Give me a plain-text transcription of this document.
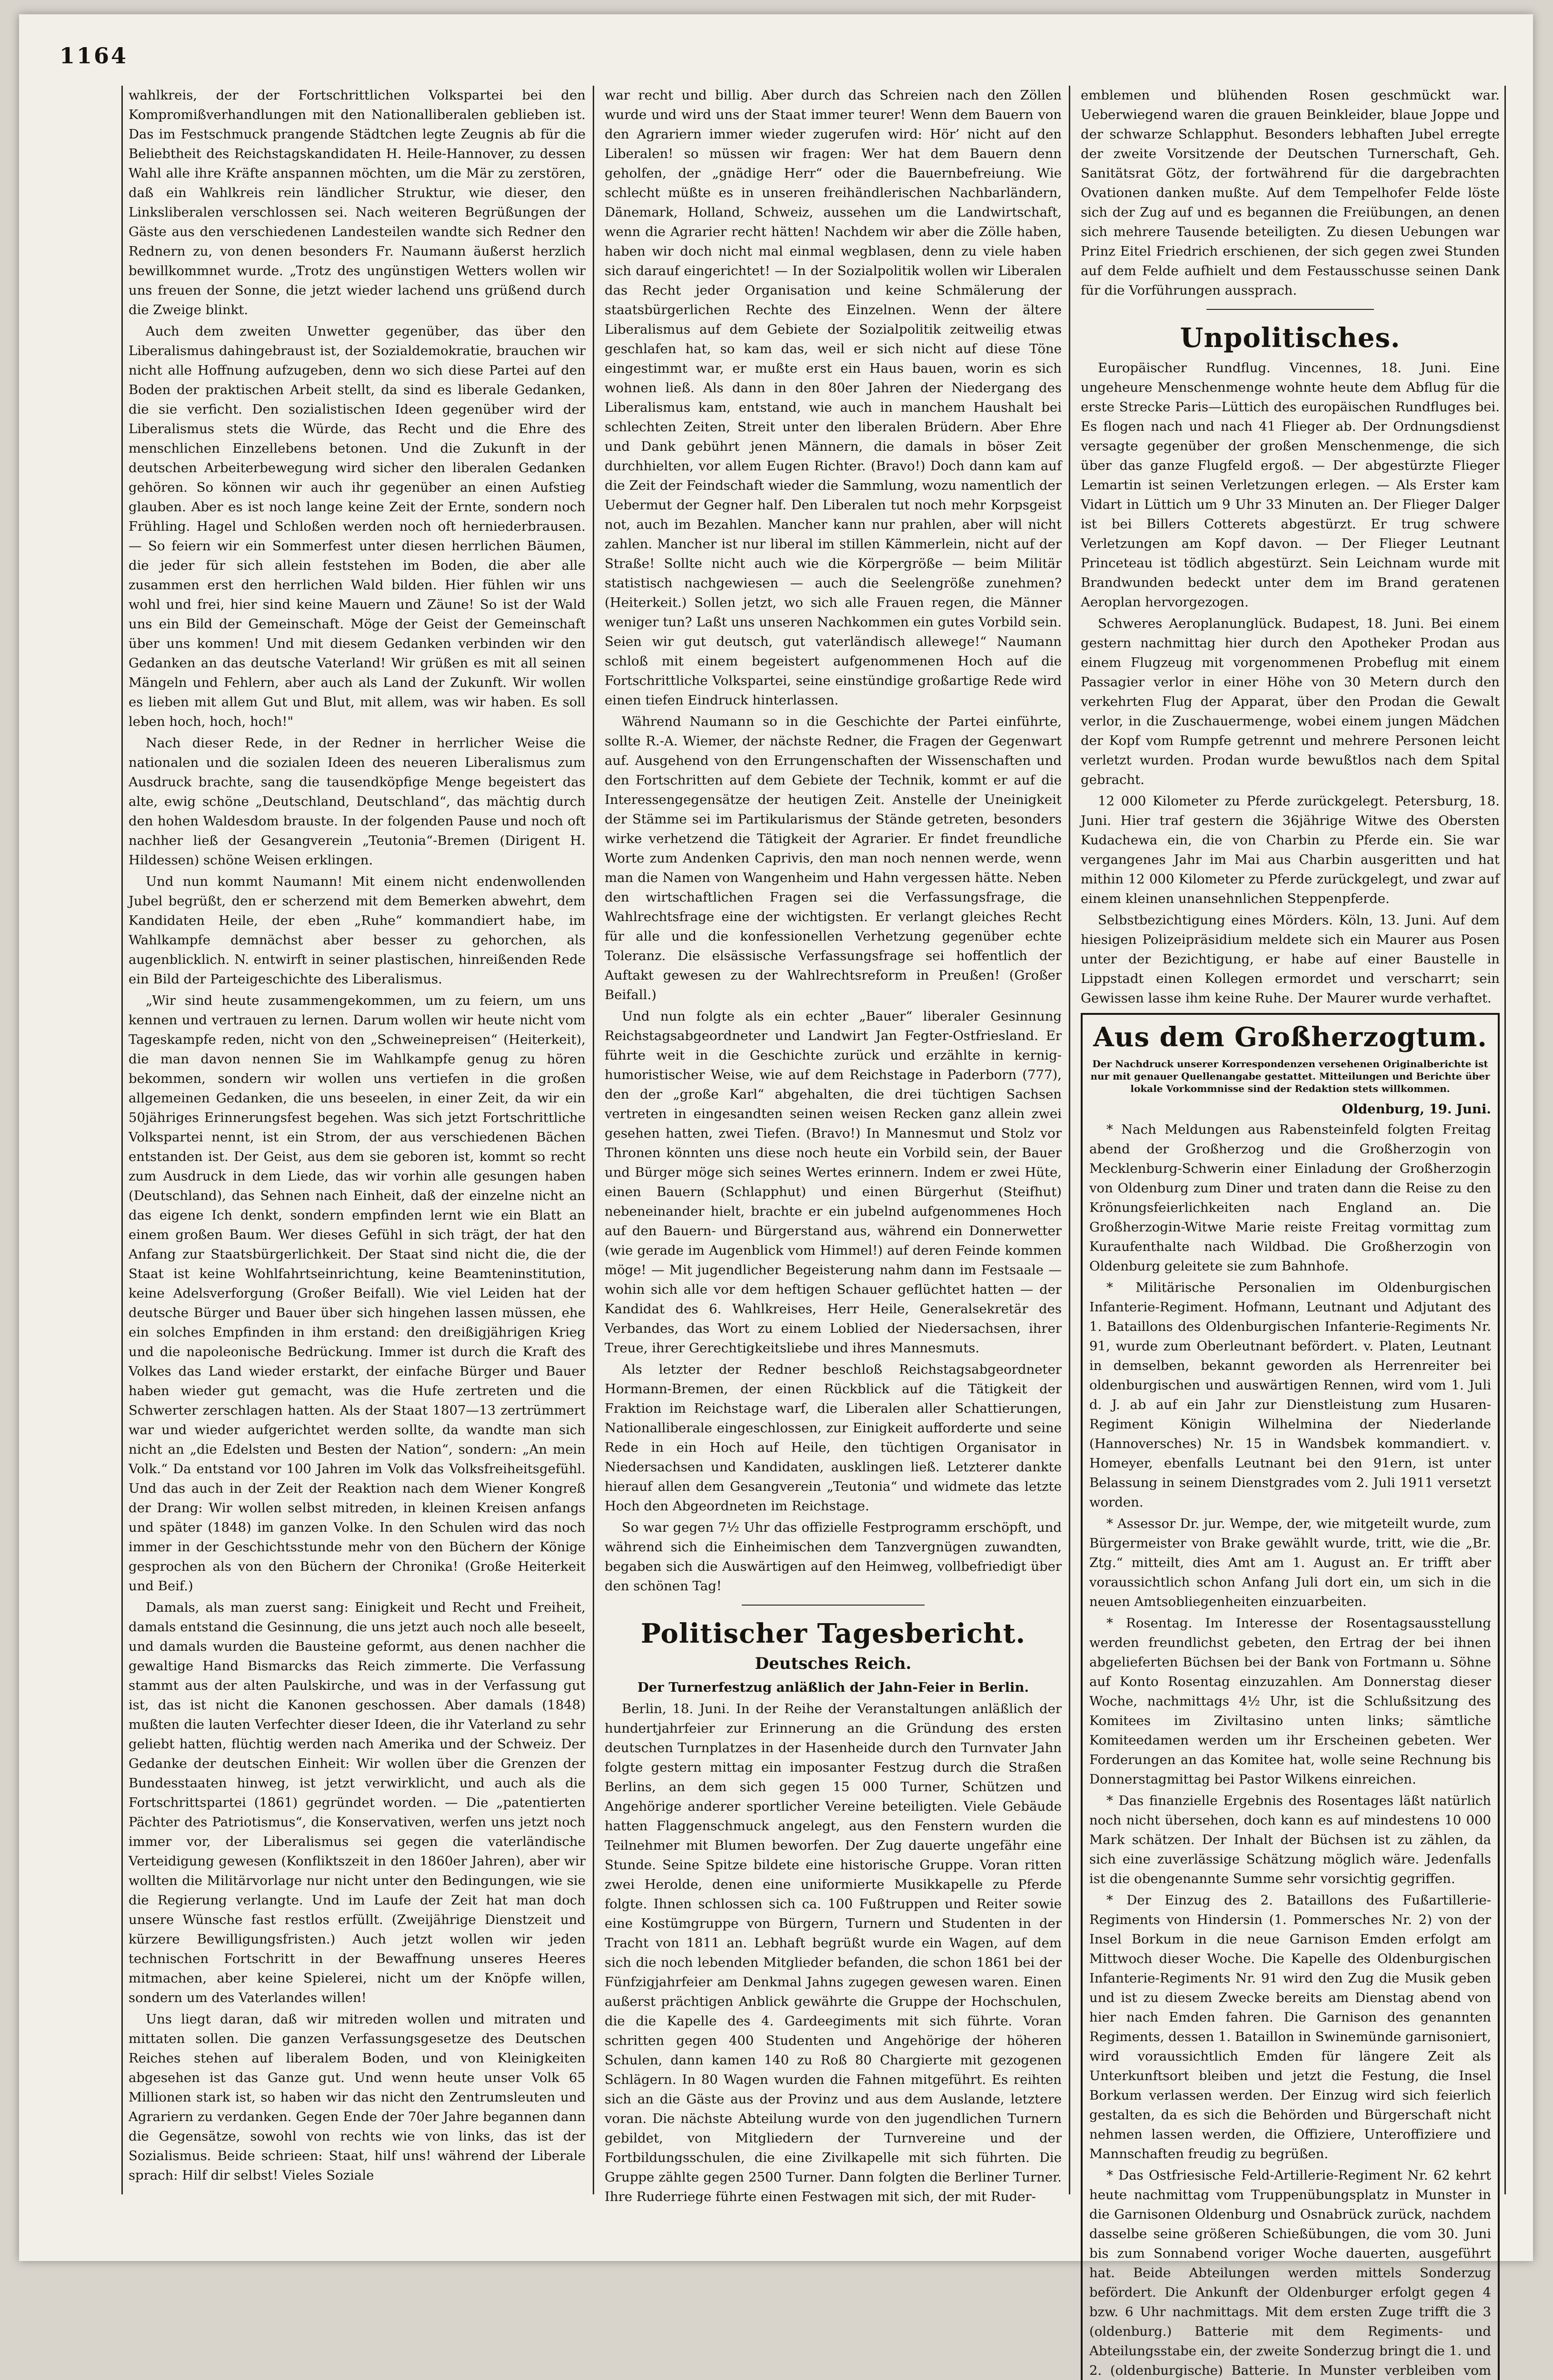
1164

wahlkreis, der der Fortschrittlichen Volkspartei bei den Kompromißverhandlungen mit den Nationalliberalen geblieben ist. Das im Festschmuck prangende Städtchen legte Zeugnis ab für die Beliebtheit des Reichstagskandidaten H. Heile-Hannover, zu dessen Wahl alle ihre Kräfte anspannen möchten, um die Mär zu zerstören, daß ein Wahlkreis rein ländlicher Struktur, wie dieser, den Linksliberalen verschlossen sei. Nach weiteren Begrüßungen der Gäste aus den verschiedenen Landesteilen wandte sich Redner den Rednern zu, von denen besonders Fr. Naumann äußerst herzlich bewillkommnet wurde. „Trotz des ungünstigen Wetters wollen wir uns freuen der Sonne, die jetzt wieder lachend uns grüßend durch die Zweige blinkt.

Auch dem zweiten Unwetter gegenüber, das über den Liberalismus dahingebraust ist, der Sozialdemokratie, brauchen wir nicht alle Hoffnung aufzugeben, denn wo sich diese Partei auf den Boden der praktischen Arbeit stellt, da sind es liberale Gedanken, die sie verficht. Den sozialistischen Ideen gegenüber wird der Liberalismus stets die Würde, das Recht und die Ehre des menschlichen Einzellebens betonen. Und die Zukunft in der deutschen Arbeiterbewegung wird sicher den liberalen Gedanken gehören. So können wir auch ihr gegenüber an einen Aufstieg glauben. Aber es ist noch lange keine Zeit der Ernte, sondern noch Frühling. Hagel und Schloßen werden noch oft herniederbrausen. — So feiern wir ein Sommerfest unter diesen herrlichen Bäumen, die jeder für sich allein feststehen im Boden, die aber alle zusammen erst den herrlichen Wald bilden. Hier fühlen wir uns wohl und frei, hier sind keine Mauern und Zäune! So ist der Wald uns ein Bild der Gemeinschaft. Möge der Geist der Gemeinschaft über uns kommen! Und mit diesem Gedanken verbinden wir den Gedanken an das deutsche Vaterland! Wir grüßen es mit all seinen Mängeln und Fehlern, aber auch als Land der Zukunft. Wir wollen es lieben mit allem Gut und Blut, mit allem, was wir haben. Es soll leben hoch, hoch, hoch!"

Nach dieser Rede, in der Redner in herrlicher Weise die nationalen und die sozialen Ideen des neueren Liberalismus zum Ausdruck brachte, sang die tausendköpfige Menge begeistert das alte, ewig schöne „Deutschland, Deutschland“, das mächtig durch den hohen Waldesdom brauste. In der folgenden Pause und noch oft nachher ließ der Gesangverein „Teutonia“-Bremen (Dirigent H. Hildessen) schöne Weisen erklingen.

Und nun kommt Naumann! Mit einem nicht endenwollenden Jubel begrüßt, den er scherzend mit dem Bemerken abwehrt, dem Kandidaten Heile, der eben „Ruhe“ kommandiert habe, im Wahlkampfe demnächst aber besser zu gehorchen, als augenblicklich. N. entwirft in seiner plastischen, hinreißenden Rede ein Bild der Parteigeschichte des Liberalismus.

„Wir sind heute zusammengekommen, um zu feiern, um uns kennen und vertrauen zu lernen. Darum wollen wir heute nicht vom Tageskampfe reden, nicht von den „Schweinepreisen“ (Heiterkeit), die man davon nennen Sie im Wahlkampfe genug zu hören bekommen, sondern wir wollen uns vertiefen in die großen allgemeinen Gedanken, die uns beseelen, in einer Zeit, da wir ein 50jähriges Erinnerungsfest begehen. Was sich jetzt Fortschrittliche Volkspartei nennt, ist ein Strom, der aus verschiedenen Bächen entstanden ist. Der Geist, aus dem sie geboren ist, kommt so recht zum Ausdruck in dem Liede, das wir vorhin alle gesungen haben (Deutschland), das Sehnen nach Einheit, daß der einzelne nicht an das eigene Ich denkt, sondern empfinden lernt wie ein Blatt an einem großen Baum. Wer dieses Gefühl in sich trägt, der hat den Anfang zur Staatsbürgerlichkeit. Der Staat sind nicht die, die der Staat ist keine Wohlfahrtseinrichtung, keine Beamteninstitution, keine Adelsverforgung (Großer Beifall). Wie viel Leiden hat der deutsche Bürger und Bauer über sich hingehen lassen müssen, ehe ein solches Empfinden in ihm erstand: den dreißigjährigen Krieg und die napoleonische Bedrückung. Immer ist durch die Kraft des Volkes das Land wieder erstarkt, der einfache Bürger und Bauer haben wieder gut gemacht, was die Hufe zertreten und die Schwerter zerschlagen hatten. Als der Staat 1807—13 zertrümmert war und wieder aufgerichtet werden sollte, da wandte man sich nicht an „die Edelsten und Besten der Nation“, sondern: „An mein Volk.“ Da entstand vor 100 Jahren im Volk das Volksfreiheitsgefühl. Und das auch in der Zeit der Reaktion nach dem Wiener Kongreß der Drang: Wir wollen selbst mitreden, in kleinen Kreisen anfangs und später (1848) im ganzen Volke. In den Schulen wird das noch immer in der Geschichtsstunde mehr von den Büchern der Könige gesprochen als von den Büchern der Chronika! (Große Heiterkeit und Beif.)

Damals, als man zuerst sang: Einigkeit und Recht und Freiheit, damals entstand die Gesinnung, die uns jetzt auch noch alle beseelt, und damals wurden die Bausteine geformt, aus denen nachher die gewaltige Hand Bismarcks das Reich zimmerte. Die Verfassung stammt aus der alten Paulskirche, und was in der Verfassung gut ist, das ist nicht die Kanonen geschossen. Aber damals (1848) mußten die lauten Verfechter dieser Ideen, die ihr Vaterland zu sehr geliebt hatten, flüchtig werden nach Amerika und der Schweiz. Der Gedanke der deutschen Einheit: Wir wollen über die Grenzen der Bundesstaaten hinweg, ist jetzt verwirklicht, und auch als die Fortschrittspartei (1861) gegründet worden. — Die „patentierten Pächter des Patriotismus“, die Konservativen, werfen uns jetzt noch immer vor, der Liberalismus sei gegen die vaterländische Verteidigung gewesen (Konfliktszeit in den 1860er Jahren), aber wir wollten die Militärvorlage nur nicht unter den Bedingungen, wie sie die Regierung verlangte. Und im Laufe der Zeit hat man doch unsere Wünsche fast restlos erfüllt. (Zweijährige Dienstzeit und kürzere Bewilligungsfristen.) Auch jetzt wollen wir jeden technischen Fortschritt in der Bewaffnung unseres Heeres mitmachen, aber keine Spielerei, nicht um der Knöpfe willen, sondern um des Vaterlandes willen!

Uns liegt daran, daß wir mitreden wollen und mitraten und mittaten sollen. Die ganzen Verfassungsgesetze des Deutschen Reiches stehen auf liberalem Boden, und von Kleinigkeiten abgesehen ist das Ganze gut. Und wenn heute unser Volk 65 Millionen stark ist, so haben wir das nicht den Zentrumsleuten und Agrariern zu verdanken. Gegen Ende der 70er Jahre begannen dann die Gegensätze, sowohl von rechts wie von links, das ist der Sozialismus. Beide schrieen: Staat, hilf uns! während der Liberale sprach: Hilf dir selbst! Vieles Soziale

war recht und billig. Aber durch das Schreien nach den Zöllen wurde und wird uns der Staat immer teurer! Wenn dem Bauern von den Agrariern immer wieder zugerufen wird: Hör’ nicht auf den Liberalen! so müssen wir fragen: Wer hat dem Bauern denn geholfen, der „gnädige Herr“ oder die Bauernbefreiung. Wie schlecht müßte es in unseren freihändlerischen Nachbarländern, Dänemark, Holland, Schweiz, aussehen um die Landwirtschaft, wenn die Agrarier recht hätten! Nachdem wir aber die Zölle haben, haben wir doch nicht mal einmal wegblasen, denn zu viele haben sich darauf eingerichtet! — In der Sozialpolitik wollen wir Liberalen das Recht jeder Organisation und keine Schmälerung der staatsbürgerlichen Rechte des Einzelnen. Wenn der ältere Liberalismus auf dem Gebiete der Sozialpolitik zeitweilig etwas geschlafen hat, so kam das, weil er sich nicht auf diese Töne eingestimmt war, er mußte erst ein Haus bauen, worin es sich wohnen ließ. Als dann in den 80er Jahren der Niedergang des Liberalismus kam, entstand, wie auch in manchem Haushalt bei schlechten Zeiten, Streit unter den liberalen Brüdern. Aber Ehre und Dank gebührt jenen Männern, die damals in böser Zeit durchhielten, vor allem Eugen Richter. (Bravo!) Doch dann kam auf die Zeit der Feindschaft wieder die Sammlung, wozu namentlich der Uebermut der Gegner half. Den Liberalen tut noch mehr Korpsgeist not, auch im Bezahlen. Mancher kann nur prahlen, aber will nicht zahlen. Mancher ist nur liberal im stillen Kämmerlein, nicht auf der Straße! Sollte nicht auch wie die Körpergröße — beim Militär statistisch nachgewiesen — auch die Seelengröße zunehmen? (Heiterkeit.) Sollen jetzt, wo sich alle Frauen regen, die Männer weniger tun? Laßt uns unseren Nachkommen ein gutes Vorbild sein. Seien wir gut deutsch, gut vaterländisch allewege!“ Naumann schloß mit einem begeistert aufgenommenen Hoch auf die Fortschrittliche Volkspartei, seine einstündige großartige Rede wird einen tiefen Eindruck hinterlassen.

Während Naumann so in die Geschichte der Partei einführte, sollte R.-A. Wiemer, der nächste Redner, die Fragen der Gegenwart auf. Ausgehend von den Errungenschaften der Wissenschaften und den Fortschritten auf dem Gebiete der Technik, kommt er auf die Interessengegensätze der heutigen Zeit. Anstelle der Uneinigkeit der Stämme sei im Partikularismus der Stände getreten, besonders wirke verhetzend die Tätigkeit der Agrarier. Er findet freundliche Worte zum Andenken Caprivis, den man noch nennen werde, wenn man die Namen von Wangenheim und Hahn vergessen hätte. Neben den wirtschaftlichen Fragen sei die Verfassungsfrage, die Wahlrechtsfrage eine der wichtigsten. Er verlangt gleiches Recht für alle und die konfessionellen Verhetzung gegenüber echte Toleranz. Die elsässische Verfassungsfrage sei hoffentlich der Auftakt gewesen zu der Wahlrechtsreform in Preußen! (Großer Beifall.)

Und nun folgte als ein echter „Bauer“ liberaler Gesinnung Reichstagsabgeordneter und Landwirt Jan Fegter-Ostfriesland. Er führte weit in die Geschichte zurück und erzählte in kernig-humoristischer Weise, wie auf dem Reichstage in Paderborn (777), den der „große Karl“ abgehalten, die drei tüchtigen Sachsen vertreten in eingesandten seinen weisen Recken ganz allein zwei gesehen hatten, zwei Tiefen. (Bravo!) In Mannesmut und Stolz vor Thronen könnten uns diese noch heute ein Vorbild sein, der Bauer und Bürger möge sich seines Wertes erinnern. Indem er zwei Hüte, einen Bauern (Schlapphut) und einen Bürgerhut (Steifhut) nebeneinander hielt, brachte er ein jubelnd aufgenommenes Hoch auf den Bauern- und Bürgerstand aus, während ein Donnerwetter (wie gerade im Augenblick vom Himmel!) auf deren Feinde kommen möge! — Mit jugendlicher Begeisterung nahm dann im Festsaale — wohin sich alle vor dem heftigen Schauer geflüchtet hatten — der Kandidat des 6. Wahlkreises, Herr Heile, Generalsekretär des Verbandes, das Wort zu einem Loblied der Niedersachsen, ihrer Treue, ihrer Gerechtigkeitsliebe und ihres Mannesmuts.

Als letzter der Redner beschloß Reichstagsabgeordneter Hormann-Bremen, der einen Rückblick auf die Tätigkeit der Fraktion im Reichstage warf, die Liberalen aller Schattierungen, Nationalliberale eingeschlossen, zur Einigkeit aufforderte und seine Rede in ein Hoch auf Heile, den tüchtigen Organisator in Niedersachsen und Kandidaten, ausklingen ließ. Letzterer dankte hierauf allen dem Gesangverein „Teutonia“ und widmete das letzte Hoch den Abgeordneten im Reichstage.

So war gegen 7½ Uhr das offizielle Festprogramm erschöpft, und während sich die Einheimischen dem Tanzvergnügen zuwandten, begaben sich die Auswärtigen auf den Heimweg, vollbefriedigt über den schönen Tag!

Politischer Tagesbericht.
Deutsches Reich.

Der Turnerfestzug anläßlich der Jahn-Feier in Berlin.

Berlin, 18. Juni. In der Reihe der Veranstaltungen anläßlich der hundertjahrfeier zur Erinnerung an die Gründung des ersten deutschen Turnplatzes in der Hasenheide durch den Turnvater Jahn folgte gestern mittag ein imposanter Festzug durch die Straßen Berlins, an dem sich gegen 15 000 Turner, Schützen und Angehörige anderer sportlicher Vereine beteiligten. Viele Gebäude hatten Flaggenschmuck angelegt, aus den Fenstern wurden die Teilnehmer mit Blumen beworfen. Der Zug dauerte ungefähr eine Stunde. Seine Spitze bildete eine historische Gruppe. Voran ritten zwei Herolde, denen eine uniformierte Musikkapelle zu Pferde folgte. Ihnen schlossen sich ca. 100 Fußtruppen und Reiter sowie eine Kostümgruppe von Bürgern, Turnern und Studenten in der Tracht von 1811 an. Lebhaft begrüßt wurde ein Wagen, auf dem sich die noch lebenden Mitglieder befanden, die schon 1861 bei der Fünfzigjahrfeier am Denkmal Jahns zugegen gewesen waren. Einen außerst prächtigen Anblick gewährte die Gruppe der Hochschulen, die die Kapelle des 4. Gardeegiments mit sich führte. Voran schritten gegen 400 Studenten und Angehörige der höheren Schulen, dann kamen 140 zu Roß 80 Chargierte mit gezogenen Schlägern. In 80 Wagen wurden die Fahnen mitgeführt. Es reihten sich an die Gäste aus der Provinz und aus dem Auslande, letztere voran. Die nächste Abteilung wurde von den jugendlichen Turnern gebildet, von Mitgliedern der Turnvereine und der Fortbildungsschulen, die eine Zivilkapelle mit sich führten. Die Gruppe zählte gegen 2500 Turner. Dann folgten die Berliner Turner. Ihre Ruderriege führte einen Festwagen mit sich, der mit Ruder-

emblemen und blühenden Rosen geschmückt war. Ueberwiegend waren die grauen Beinkleider, blaue Joppe und der schwarze Schlapphut. Besonders lebhaften Jubel erregte der zweite Vorsitzende der Deutschen Turnerschaft, Geh. Sanitätsrat Götz, der fortwährend für die dargebrachten Ovationen danken mußte. Auf dem Tempelhofer Felde löste sich der Zug auf und es begannen die Freiübungen, an denen sich mehrere Tausende beteiligten. Zu diesen Uebungen war Prinz Eitel Friedrich erschienen, der sich gegen zwei Stunden auf dem Felde aufhielt und dem Festausschusse seinen Dank für die Vorführungen aussprach.

Unpolitisches.

Europäischer Rundflug. Vincennes, 18. Juni. Eine ungeheure Menschenmenge wohnte heute dem Abflug für die erste Strecke Paris—Lüttich des europäischen Rundfluges bei. Es flogen nach und nach 41 Flieger ab. Der Ordnungsdienst versagte gegenüber der großen Menschenmenge, die sich über das ganze Flugfeld ergoß. — Der abgestürzte Flieger Lemartin ist seinen Verletzungen erlegen. — Als Erster kam Vidart in Lüttich um 9 Uhr 33 Minuten an. Der Flieger Dalger ist bei Billers Cotterets abgestürzt. Er trug schwere Verletzungen am Kopf davon. — Der Flieger Leutnant Princeteau ist tödlich abgestürzt. Sein Leichnam wurde mit Brandwunden bedeckt unter dem im Brand geratenen Aeroplan hervorgezogen.

Schweres Aeroplanunglück. Budapest, 18. Juni. Bei einem gestern nachmittag hier durch den Apotheker Prodan aus einem Flugzeug mit vorgenommenen Probeflug mit einem Passagier verlor in einer Höhe von 30 Metern durch den verkehrten Flug der Apparat, über den Prodan die Gewalt verlor, in die Zuschauermenge, wobei einem jungen Mädchen der Kopf vom Rumpfe getrennt und mehrere Personen leicht verletzt wurden. Prodan wurde bewußtlos nach dem Spital gebracht.

12 000 Kilometer zu Pferde zurückgelegt. Petersburg, 18. Juni. Hier traf gestern die 36jährige Witwe des Obersten Kudachewa ein, die von Charbin zu Pferde ein. Sie war vergangenes Jahr im Mai aus Charbin ausgeritten und hat mithin 12 000 Kilometer zu Pferde zurückgelegt, und zwar auf einem kleinen unansehnlichen Steppenpferde.

Selbstbezichtigung eines Mörders. Köln, 13. Juni. Auf dem hiesigen Polizeipräsidium meldete sich ein Maurer aus Posen unter der Bezichtigung, er habe auf einer Baustelle in Lippstadt einen Kollegen ermordet und verscharrt; sein Gewissen lasse ihm keine Ruhe. Der Maurer wurde verhaftet.

Aus dem Großherzogtum.
Der Nachdruck unserer Korrespondenzen versehenen Originalberichte ist nur mit genauer Quellenangabe gestattet. Mitteilungen und Berichte über lokale Vorkommnisse sind der Redaktion stets willkommen.
Oldenburg, 19. Juni.

* Nach Meldungen aus Rabensteinfeld folgten Freitag abend der Großherzog und die Großherzogin von Mecklenburg-Schwerin einer Einladung der Großherzogin von Oldenburg zum Diner und traten dann die Reise zu den Krönungsfeierlichkeiten nach England an. Die Großherzogin-Witwe Marie reiste Freitag vormittag zum Kuraufenthalte nach Wildbad. Die Großherzogin von Oldenburg geleitete sie zum Bahnhofe.

* Militärische Personalien im Oldenburgischen Infanterie-Regiment. Hofmann, Leutnant und Adjutant des 1. Bataillons des Oldenburgischen Infanterie-Regiments Nr. 91, wurde zum Oberleutnant befördert. v. Platen, Leutnant in demselben, bekannt geworden als Herrenreiter bei oldenburgischen und auswärtigen Rennen, wird vom 1. Juli d. J. ab auf ein Jahr zur Dienstleistung zum Husaren-Regiment Königin Wilhelmina der Niederlande (Hannoversches) Nr. 15 in Wandsbek kommandiert. v. Homeyer, ebenfalls Leutnant bei den 91ern, ist unter Belassung in seinem Dienstgrades vom 2. Juli 1911 versetzt worden.

* Assessor Dr. jur. Wempe, der, wie mitgeteilt wurde, zum Bürgermeister von Brake gewählt wurde, tritt, wie die „Br. Ztg.“ mitteilt, dies Amt am 1. August an. Er trifft aber voraussichtlich schon Anfang Juli dort ein, um sich in die neuen Amtsobliegenheiten einzuarbeiten.

* Rosentag. Im Interesse der Rosentagsausstellung werden freundlichst gebeten, den Ertrag der bei ihnen abgelieferten Büchsen bei der Bank von Fortmann u. Söhne auf Konto Rosentag einzuzahlen. Am Donnerstag dieser Woche, nachmittags 4½ Uhr, ist die Schlußsitzung des Komitees im Ziviltasino unten links; sämtliche Komiteedamen werden um ihr Erscheinen gebeten. Wer Forderungen an das Komitee hat, wolle seine Rechnung bis Donnerstagmittag bei Pastor Wilkens einreichen.

* Das finanzielle Ergebnis des Rosentages läßt natürlich noch nicht übersehen, doch kann es auf mindestens 10 000 Mark schätzen. Der Inhalt der Büchsen ist zu zählen, da sich eine zuverlässige Schätzung möglich wäre. Jedenfalls ist die obengenannte Summe sehr vorsichtig gegriffen.

* Der Einzug des 2. Bataillons des Fußartillerie-Regiments von Hindersin (1. Pommersches Nr. 2) von der Insel Borkum in die neue Garnison Emden erfolgt am Mittwoch dieser Woche. Die Kapelle des Oldenburgischen Infanterie-Regiments Nr. 91 wird den Zug die Musik geben und ist zu diesem Zwecke bereits am Dienstag abend von hier nach Emden fahren. Die Garnison des genannten Regiments, dessen 1. Bataillon in Swinemünde garnisoniert, wird voraussichtlich Emden für längere Zeit als Unterkunftsort bleiben und jetzt die Festung, die Insel Borkum verlassen werden. Der Einzug wird sich feierlich gestalten, da es sich die Behörden und Bürgerschaft nicht nehmen lassen werden, die Offiziere, Unteroffiziere und Mannschaften freudig zu begrüßen.

* Das Ostfriesische Feld-Artillerie-Regiment Nr. 62 kehrt heute nachmittag vom Truppenübungsplatz in Munster in die Garnisonen Oldenburg und Osnabrück zurück, nachdem dasselbe seine größeren Schießübungen, die vom 30. Juni bis zum Sonnabend voriger Woche dauerten, ausgeführt hat. Beide Abteilungen werden mittels Sonderzug befördert. Die Ankunft der Oldenburger erfolgt gegen 4 bzw. 6 Uhr nachmittags. Mit dem ersten Zuge trifft die 3 (oldenburg.) Batterie mit dem Regiments- und Abteilungsstabe ein, der zweite Sonderzug bringt die 1. und 2. (oldenburgische) Batterie. In Munster verbleiben vom
